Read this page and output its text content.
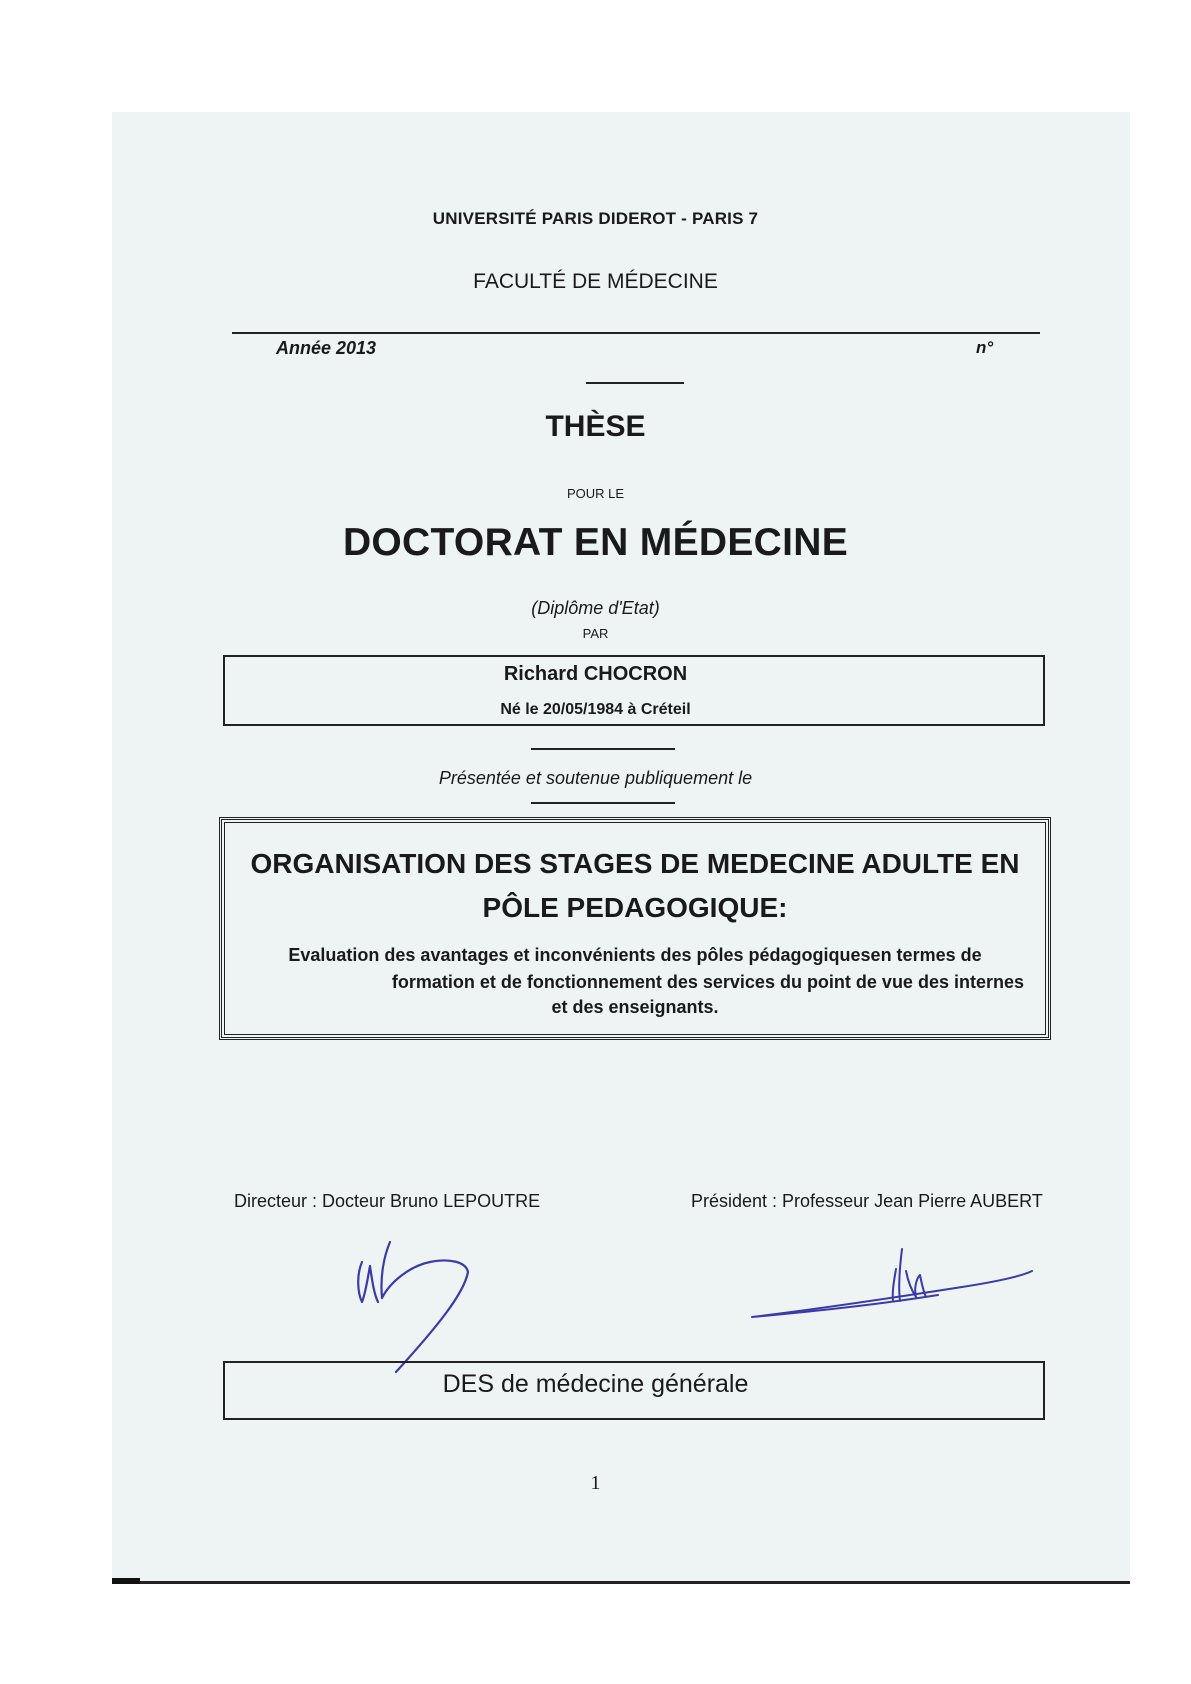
UNIVERSITÉ PARIS DIDEROT - PARIS 7
FACULTÉ DE MÉDECINE
Année 2013	n°
THÈSE
POUR LE
DOCTORAT EN MÉDECINE
(Diplôme d'Etat)
PAR
Richard CHOCRON
Né le 20/05/1984 à Créteil
Présentée et soutenue publiquement le
ORGANISATION DES STAGES DE MEDECINE ADULTE EN
PÔLE PEDAGOGIQUE:
Evaluation des avantages et inconvénients des pôles pédagogiquesen termes de
formation et de fonctionnement des services du point de vue des internes
et des enseignants.
Directeur : Docteur Bruno LEPOUTRE	Président : Professeur Jean Pierre AUBERT
DES de médecine générale
1
